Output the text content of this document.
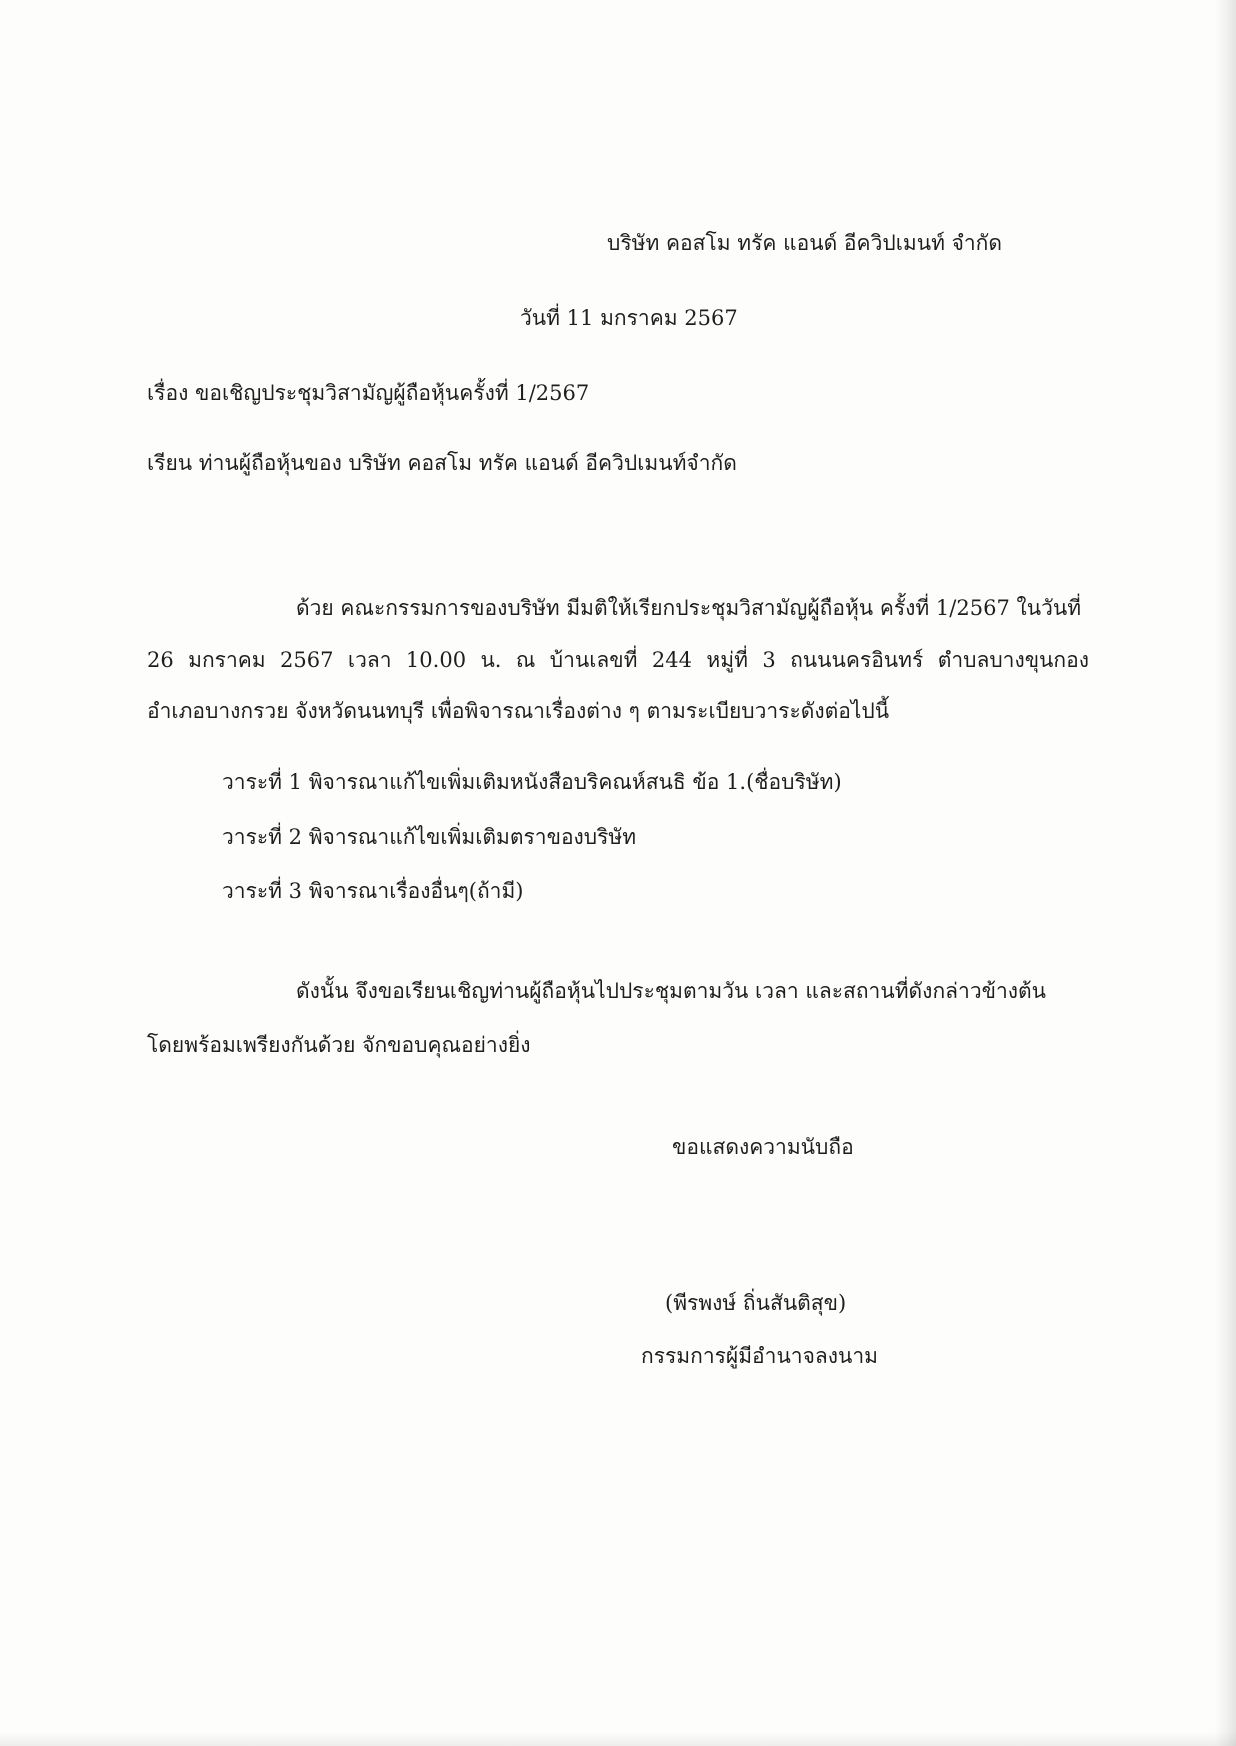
บริษัท คอสโม ทรัค แอนด์ อีควิปเมนท์ จำกัด
วันที่ 11 มกราคม 2567
เรื่อง ขอเชิญประชุมวิสามัญผู้ถือหุ้นครั้งที่ 1/2567
เรียน ท่านผู้ถือหุ้นของ บริษัท คอสโม ทรัค แอนด์ อีควิปเมนท์จำกัด
ด้วย คณะกรรมการของบริษัท มีมติให้เรียกประชุมวิสามัญผู้ถือหุ้น ครั้งที่ 1/2567 ในวันที่
26 มกราคม 2567 เวลา 10.00 น. ณ บ้านเลขที่ 244 หมู่ที่ 3 ถนนนครอินทร์ ตำบลบางขุนกอง
อำเภอบางกรวย จังหวัดนนทบุรี เพื่อพิจารณาเรื่องต่าง ๆ ตามระเบียบวาระดังต่อไปนี้
วาระที่ 1 พิจารณาแก้ไขเพิ่มเติมหนังสือบริคณห์สนธิ ข้อ 1.(ชื่อบริษัท)
วาระที่ 2 พิจารณาแก้ไขเพิ่มเติมตราของบริษัท
วาระที่ 3 พิจารณาเรื่องอื่นๆ(ถ้ามี)
ดังนั้น จึงขอเรียนเชิญท่านผู้ถือหุ้นไปประชุมตามวัน เวลา และสถานที่ดังกล่าวข้างต้น
โดยพร้อมเพรียงกันด้วย จักขอบคุณอย่างยิ่ง
ขอแสดงความนับถือ
(พีรพงษ์ ถิ่นสันติสุข)
กรรมการผู้มีอำนาจลงนาม
